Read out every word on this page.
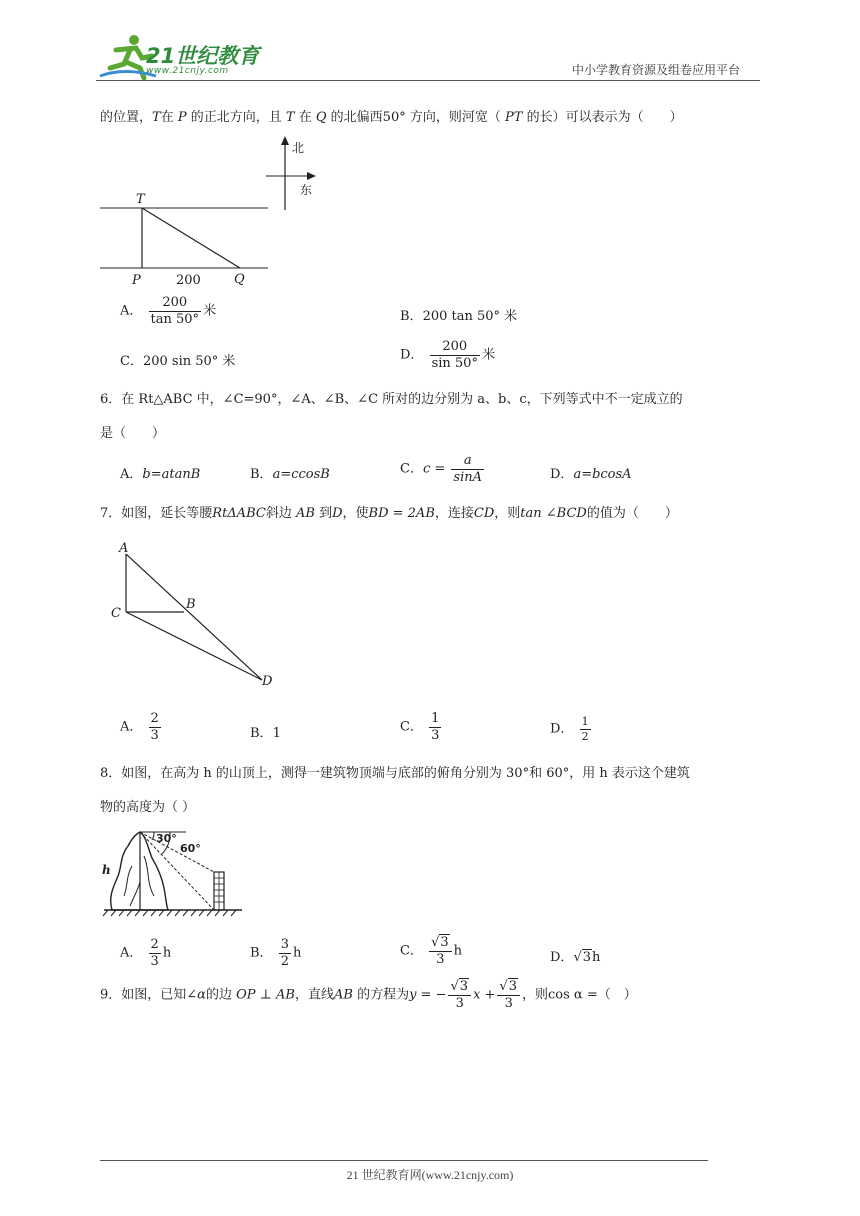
21世纪教育
www.21cnjy.com	中小学教育资源及组卷应用平台
的位置，T在 P 的正北方向，且 T 在 Q 的北偏西50° 方向，则河宽（ PT 的长）可以表示为（　　）
北
东
T
P	200	Q
A． $\frac{200}{\tan 50^\circ}$ 米	B．200 tan 50° 米
C．200 sin 50° 米	D． $\frac{200}{\sin 50^\circ}$ 米
6．在 Rt△ABC 中，∠C=90°，∠A、∠B、∠C 所对的边分别为 a、b、c，下列等式中不一定成立的
是（　　）
A．b=atanB	B．a=ccosB	C．$c = \frac{a}{\sin A}$	D．a=bcosA
7．如图，延长等腰RtΔABC斜边 AB 到D，使BD = 2AB，连接CD，则tan ∠BCD的值为（　　）
A
B
C
D
A． $\frac{2}{3}$	B．1	C． $\frac{1}{3}$	D． $\frac{1}{2}$
8．如图，在高为 h 的山顶上，测得一建筑物顶端与底部的俯角分别为 30°和 60°，用 h 表示这个建筑
物的高度为（ ）
30°
60°
h
A． $\frac{2}{3}$ h	B． $\frac{3}{2}$ h	C． $\frac{√3}{3}$ h	D．√3h
9．如图，已知∠α的边 OP ⊥ AB，直线AB 的方程为y = − $\frac{√3}{3}$ $x + \frac{√3}{3}$ ，则cos α =（　）
21 世纪教育网(www.21cnjy.com)
